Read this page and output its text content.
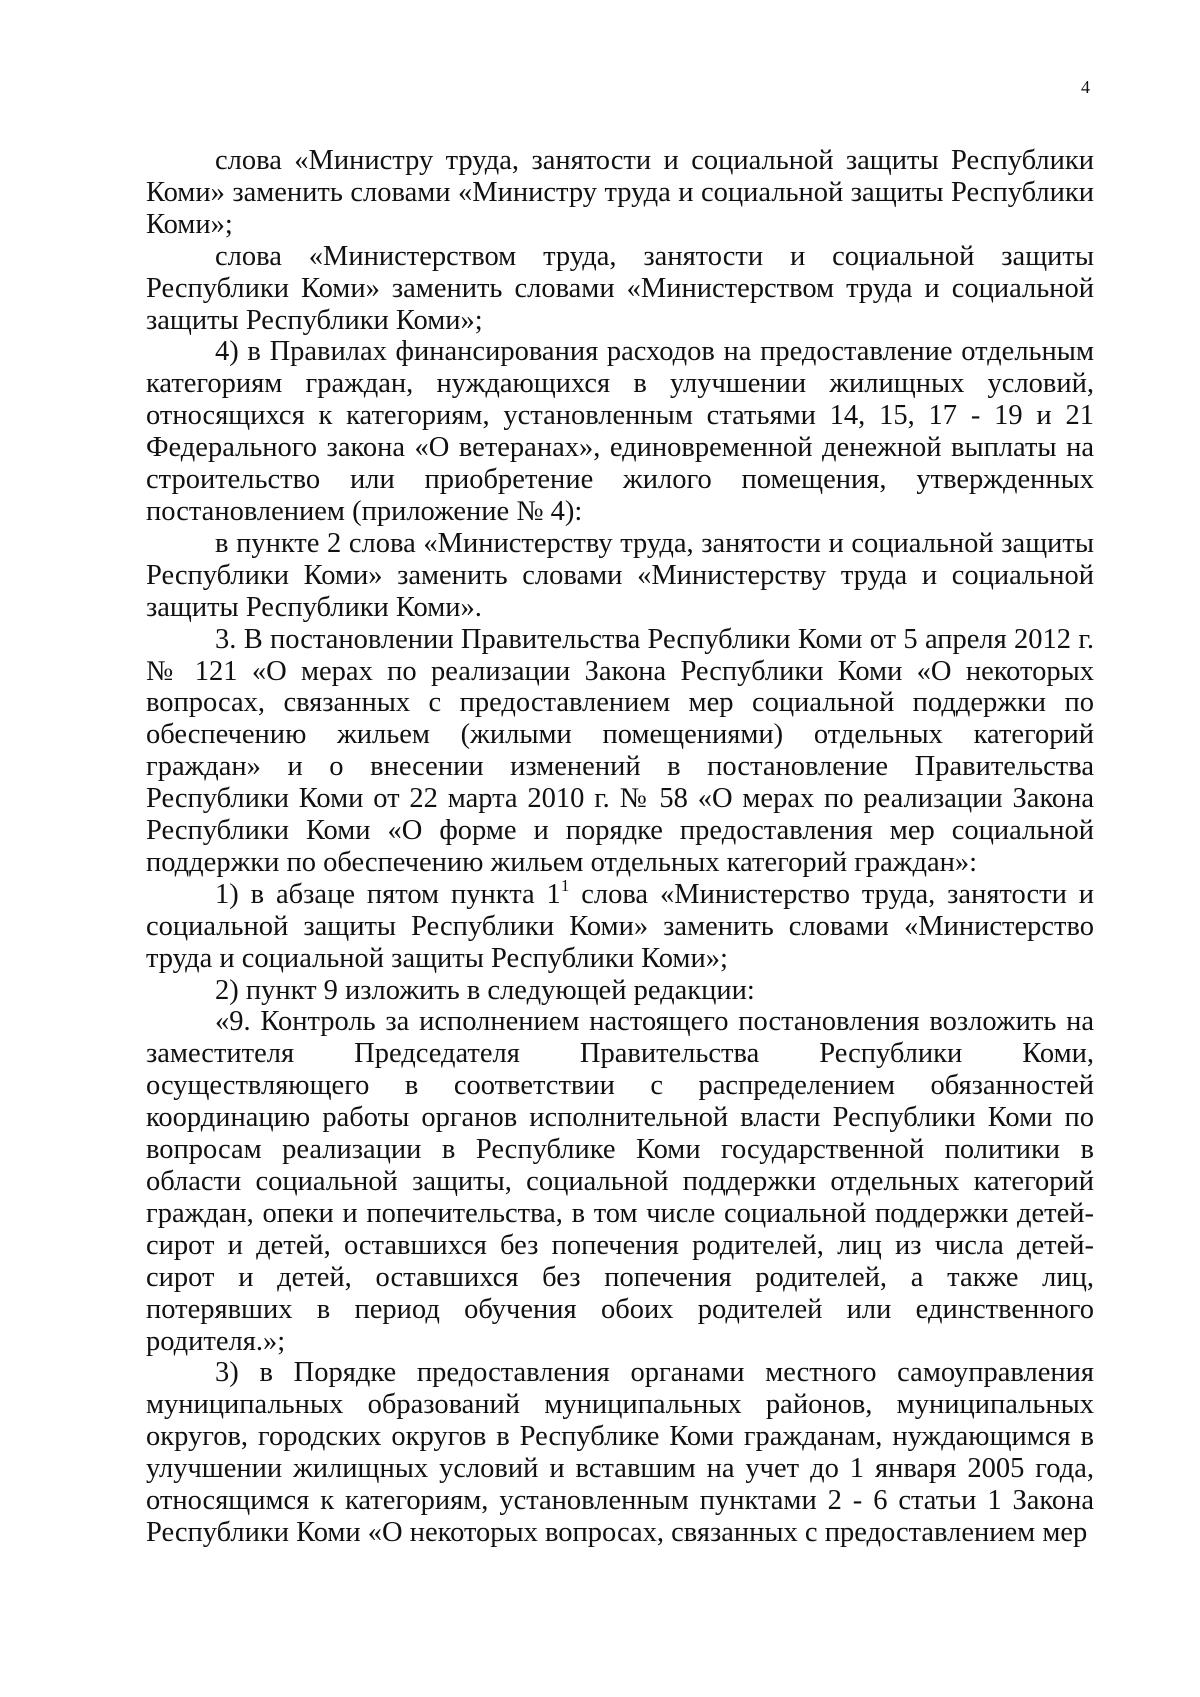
4

слова «Министру труда, занятости и социальной защиты Республики Коми» заменить словами «Министру труда и социальной защиты Республики Коми»;

слова «Министерством труда, занятости и социальной защиты Республики Коми» заменить словами «Министерством труда и социальной защиты Республики Коми»;

4) в Правилах финансирования расходов на предоставление отдельным категориям граждан, нуждающихся в улучшении жилищных условий, относящихся к категориям, установленным статьями 14, 15, 17 - 19 и 21 Федерального закона «О ветеранах», единовременной денежной выплаты на строительство или приобретение жилого помещения, утвержденных постановлением (приложение № 4):

в пункте 2 слова «Министерству труда, занятости и социальной защиты Республики Коми» заменить словами «Министерству труда и социальной защиты Республики Коми».

3. В постановлении Правительства Республики Коми от 5 апреля 2012 г. № 121 «О мерах по реализации Закона Республики Коми «О некоторых вопросах, связанных с предоставлением мер социальной поддержки по обеспечению жильем (жилыми помещениями) отдельных категорий граждан» и о внесении изменений в постановление Правительства Республики Коми от 22 марта 2010 г. № 58 «О мерах по реализации Закона Республики Коми «О форме и порядке предоставления мер социальной поддержки по обеспечению жильем отдельных категорий граждан»:

1) в абзаце пятом пункта $1^1$ слова «Министерство труда, занятости и социальной защиты Республики Коми» заменить словами «Министерство труда и социальной защиты Республики Коми»;

2) пункт 9 изложить в следующей редакции:

«9. Контроль за исполнением настоящего постановления возложить на заместителя Председателя Правительства Республики Коми, осуществляющего в соответствии с распределением обязанностей координацию работы органов исполнительной власти Республики Коми по вопросам реализации в Республике Коми государственной политики в области социальной защиты, социальной поддержки отдельных категорий граждан, опеки и попечительства, в том числе социальной поддержки детей-сирот и детей, оставшихся без попечения родителей, лиц из числа детей-сирот и детей, оставшихся без попечения родителей, а также лиц, потерявших в период обучения обоих родителей или единственного родителя.»;

3) в Порядке предоставления органами местного самоуправления муниципальных образований муниципальных районов, муниципальных округов, городских округов в Республике Коми гражданам, нуждающимся в улучшении жилищных условий и вставшим на учет до 1 января 2005 года, относящимся к категориям, установленным пунктами 2 - 6 статьи 1 Закона Республики Коми «О некоторых вопросах, связанных с предоставлением мер
